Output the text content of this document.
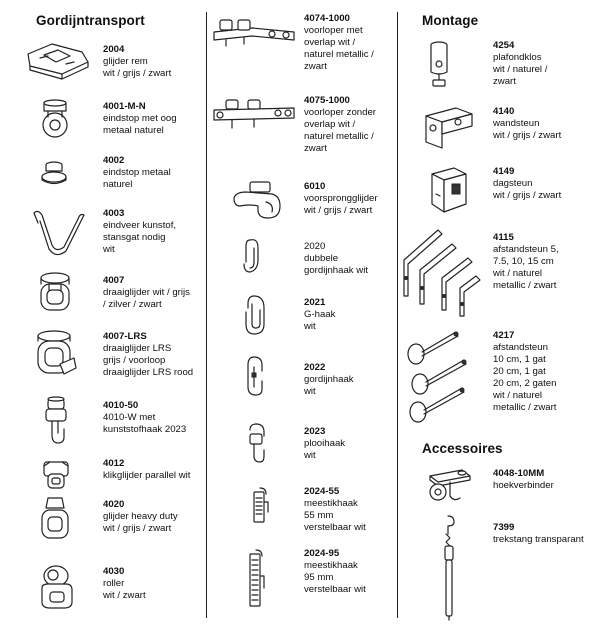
Gordijntransport	Montage
Accessoires
2004
glijder rem
wit / grijs / zwart
4001-M-N
eindstop met oog
metaal naturel
4002
eindstop metaal
naturel
4003
eindveer kunstof,
stansgat nodig
wit
4007
draaiglijder wit / grijs
/ zilver / zwart
4007-LRS
draaiglijder LRS
grijs / voorloop
draaiglijder LRS rood
4010-50
4010-W met
kunststofhaak 2023
4012
klikglijder parallel wit
4020
glijder heavy duty
wit / grijs / zwart
4030
roller
wit / zwart
4074-1000
voorloper met
overlap wit /
naturel metallic /
zwart
4075-1000
voorloper zonder
overlap wit /
naturel metallic /
zwart
6010
voorsprongglijder
wit / grijs / zwart
2020
dubbele
gordijnhaak wit
2021
G-haak
wit
2022
gordijnhaak
wit
2023
plooihaak
wit
2024-55
meestikhaak
55 mm
verstelbaar wit
2024-95
meestikhaak
95 mm
verstelbaar wit
4254
plafondklos
wit / naturel /
zwart
4140
wandsteun
wit / grijs / zwart
4149
dagsteun
wit / grijs / zwart
4115
afstandsteun 5,
7.5, 10, 15 cm
wit / naturel
metallic / zwart
4217
afstandsteun
10 cm, 1 gat
20 cm, 1 gat
20 cm, 2 gaten
wit / naturel
metallic / zwart
4048-10MM
hoekverbinder
7399
trekstang transparant
